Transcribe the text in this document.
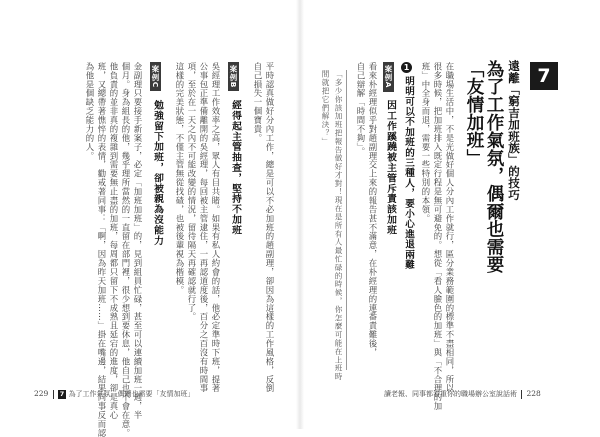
7
遠離「窮吉加班族」的技巧
為了工作氣氛，偶爾也需要
「友情加班」
在職場生活中，不是光做好個人分內工作就行，區分業務範圍的標準不盡相同，所以
很多時候，把加班排入既定行程是無可避免的。想從「看人臉色的加班」與「不合理的加
班」中全身而退，需要一些特別的本領。
1
明明可以不加班的三種人，要小心進退兩難
案例A
因工作蹊蹺被主管斥責該加班
看來朴經理似乎對趙副理交上來的報告甚不滿意，在朴經理的連番責難後，
自己辯解「時間不夠」。
「多少你該加班把報告做好才對！現在是所有人最忙碌的時候，你怎麼可能在上班時
間就把它們解決？」
平時認真做好分內工作，總是可以不必加班的趙副理，卻因為這樣的工作風格，反倒
自己損失一個寶貴。
案例B
經得起主管抽查，堅持不加班
吳經理工作效率之高，眾人有目共睹。如果有私人約會的話，他必定準時下班，提著
公事包正準備離開的吳經理，每回被主管逮住，一再認道度後，百分之百沒有時間事
項，至於在一天之內不可能改變的情況，留待隔天再確認就行了。
這樣的完美狀態，不僅主管無從找碴，也被後輩視為楷模。
案例C
勉強留下加班，卻被親為沒能力
金副理只要接手新案子，必定「加班加班」的，見到組員忙碌，甚至可以連續加班一週，半
個月。身為組長的他，幾乎理所當然的一直留在部門裡，很少想到要休息，他自己也不會在意。
他負責的並非真的複雜到需要無止盡的加班，每周都只留下不成熟且延宕的進度，卻是真心
班，又總帶著憔悴的表情，勸戒著同事：「啊，因為昨天加班……」掛在嘴邊，結果同事反而認
為他是個缺乏能力的人。
229 7 為了工作氣氛，偶爾也需要「友情加班」	讀老報、同事都看重你的職場辦公室說話術 228
